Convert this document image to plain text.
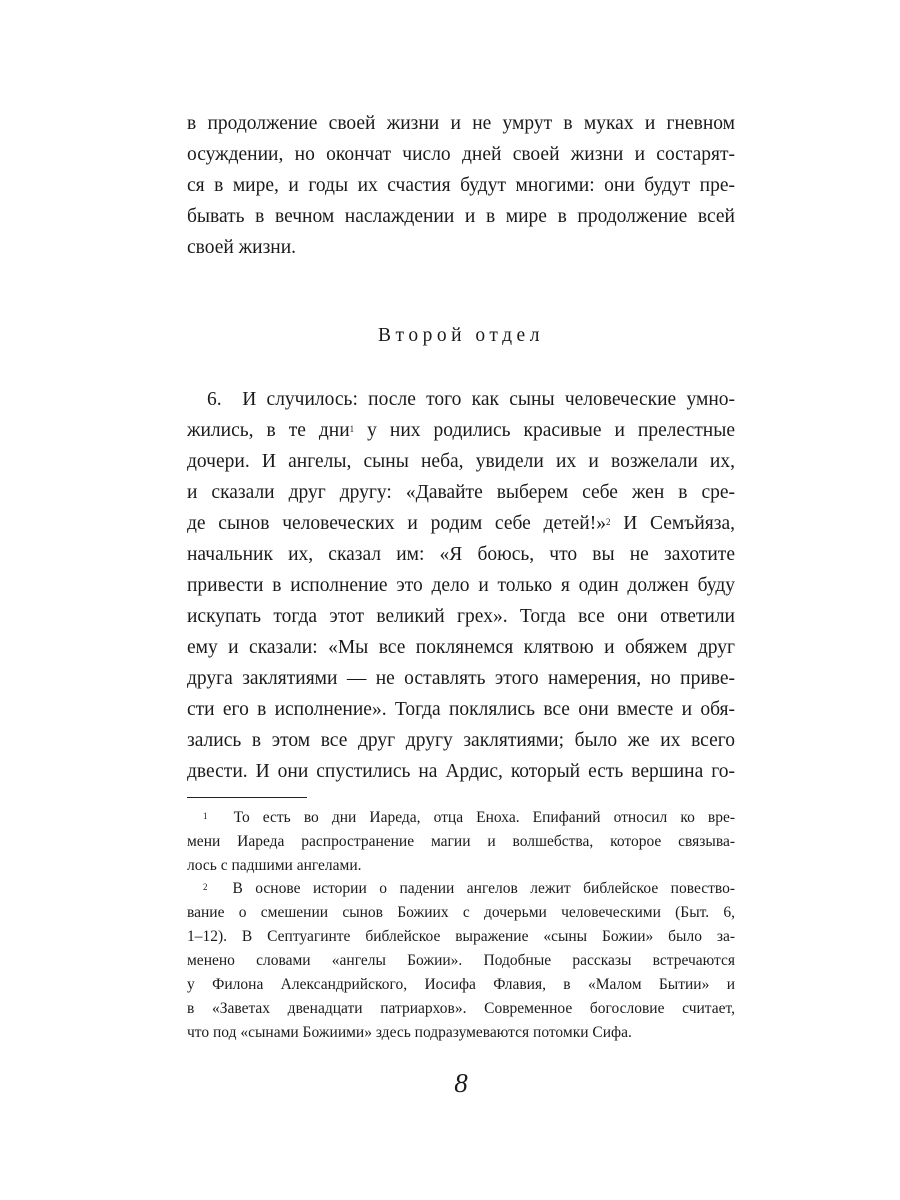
в продолжение своей жизни и не умрут в муках и гневном
осуждении, но окончат число дней своей жизни и состарят-
ся в мире, и годы их счастия будут многими: они будут пре-
бывать в вечном наслаждении и в мире в продолжение всей
своей жизни.
Второй отдел
6. И случилось: после того как сыны человеческие умно-
жились, в те дни$^1$ у них родились красивые и прелестные
дочери. И ангелы, сыны неба, увидели их и возжелали их,
и сказали друг другу: «Давайте выберем себе жен в сре-
де сынов человеческих и родим себе детей!»$^2$ И Семъйяза,
начальник их, сказал им: «Я боюсь, что вы не захотите
привести в исполнение это дело и только я один должен буду
искупать тогда этот великий грех». Тогда все они ответили
ему и сказали: «Мы все поклянемся клятвою и обяжем друг
друга заклятиями — не оставлять этого намерения, но приве-
сти его в исполнение». Тогда поклялись все они вместе и обя-
зались в этом все друг другу заклятиями; было же их всего
двести. И они спустились на Ардис, который есть вершина го-
$^1$ То есть во дни Иареда, отца Еноха. Епифаний относил ко вре-
мени Иареда распространение магии и волшебства, которое связыва-
лось с падшими ангелами.
$^2$ В основе истории о падении ангелов лежит библейское повество-
вание о смешении сынов Божиих с дочерьми человеческими (Быт. 6,
1–12). В Септуагинте библейское выражение «сыны Божии» было за-
менено словами «ангелы Божии». Подобные рассказы встречаются
у Филона Александрийского, Иосифа Флавия, в «Малом Бытии» и
в «Заветах двенадцати патриархов». Современное богословие считает,
что под «сынами Божиими» здесь подразумеваются потомки Сифа.
8
